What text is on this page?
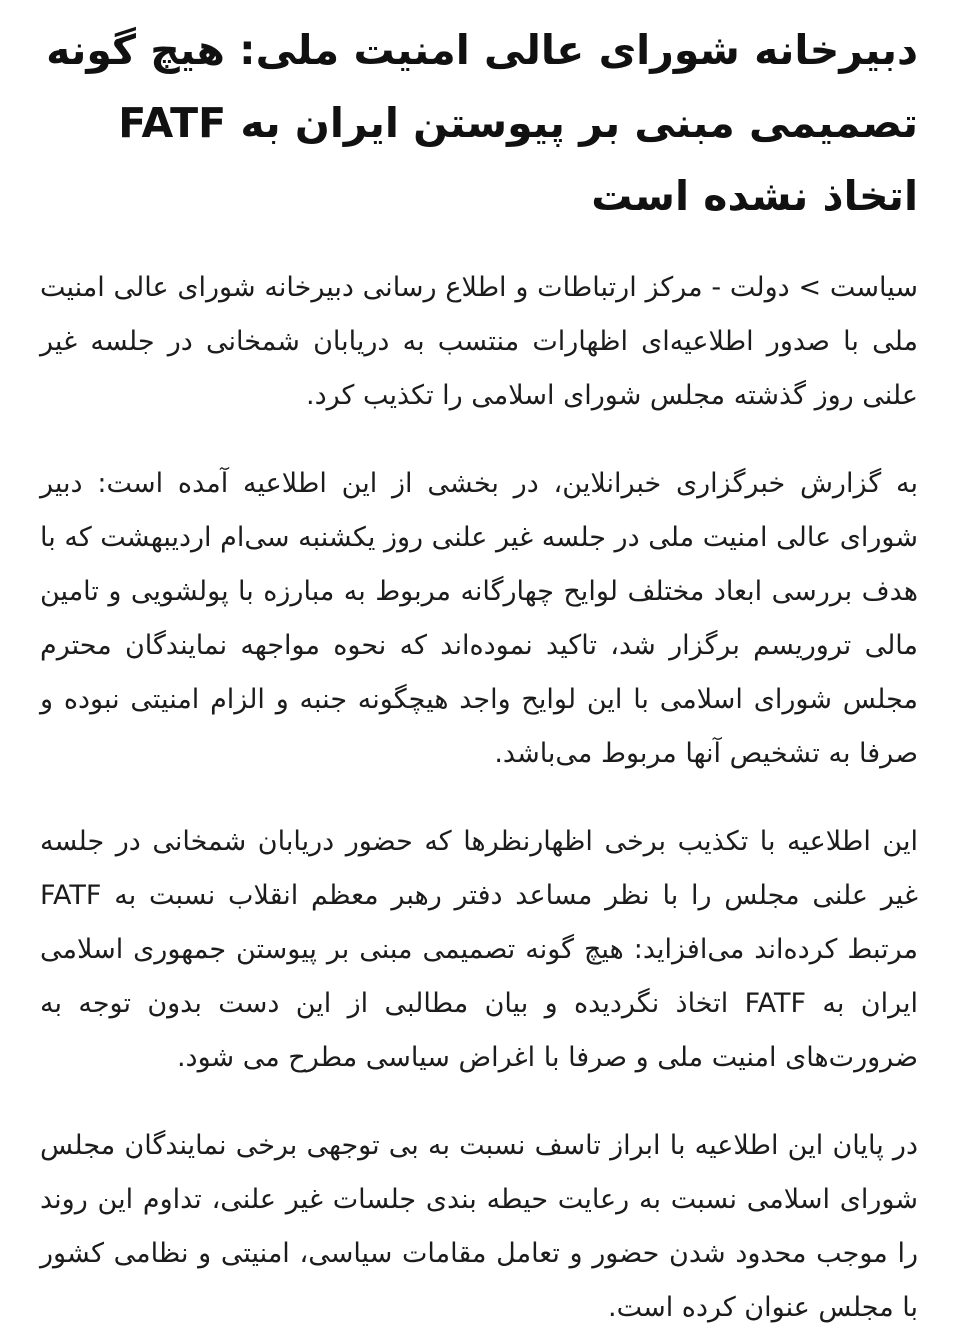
دبیرخانه شورای عالی امنیت ملی: هیچ گونه تصمیمی مبنی بر پیوستن ایران به FATF اتخاذ نشده است

سیاست > دولت - مرکز ارتباطات و اطلاع رسانی دبیرخانه شورای عالی امنیت ملی با صدور اطلاعیه‌ای اظهارات منتسب به دریابان شمخانی در جلسه غیر علنی روز گذشته مجلس شورای اسلامی را تکذیب کرد.

به گزارش خبرگزاری خبرانلاین، در بخشی از این اطلاعیه آمده است: دبیر شورای عالی امنیت ملی در جلسه غیر علنی روز یکشنبه سی‌ام اردیبهشت که با هدف بررسی ابعاد مختلف لوایح چهارگانه مربوط به مبارزه با پولشویی و تامین مالی تروریسم برگزار شد، تاکید نموده‌اند که نحوه مواجهه نمایندگان محترم مجلس شورای اسلامی با این لوایح واجد هیچگونه جنبه و الزام امنیتی نبوده و صرفا به تشخیص آنها مربوط می‌باشد.

این اطلاعیه با تکذیب برخی اظهارنظرها که حضور دریابان شمخانی در جلسه غیر علنی مجلس را با نظر مساعد دفتر رهبر معظم انقلاب نسبت به FATF مرتبط کرده‌اند می‌افزاید: هیچ گونه تصمیمی مبنی بر پیوستن جمهوری اسلامی ایران به FATF اتخاذ نگردیده و بیان مطالبی از این دست بدون توجه به ضرورت‌های امنیت ملی و صرفا با اغراض سیاسی مطرح می شود.

در پایان این اطلاعیه با ابراز تاسف نسبت به بی توجهی برخی نمایندگان مجلس شورای اسلامی نسبت به رعایت حیطه بندی جلسات غیر علنی، تداوم این روند را موجب محدود شدن حضور و تعامل مقامات سیاسی، امنیتی و نظامی کشور با مجلس عنوان کرده است.
